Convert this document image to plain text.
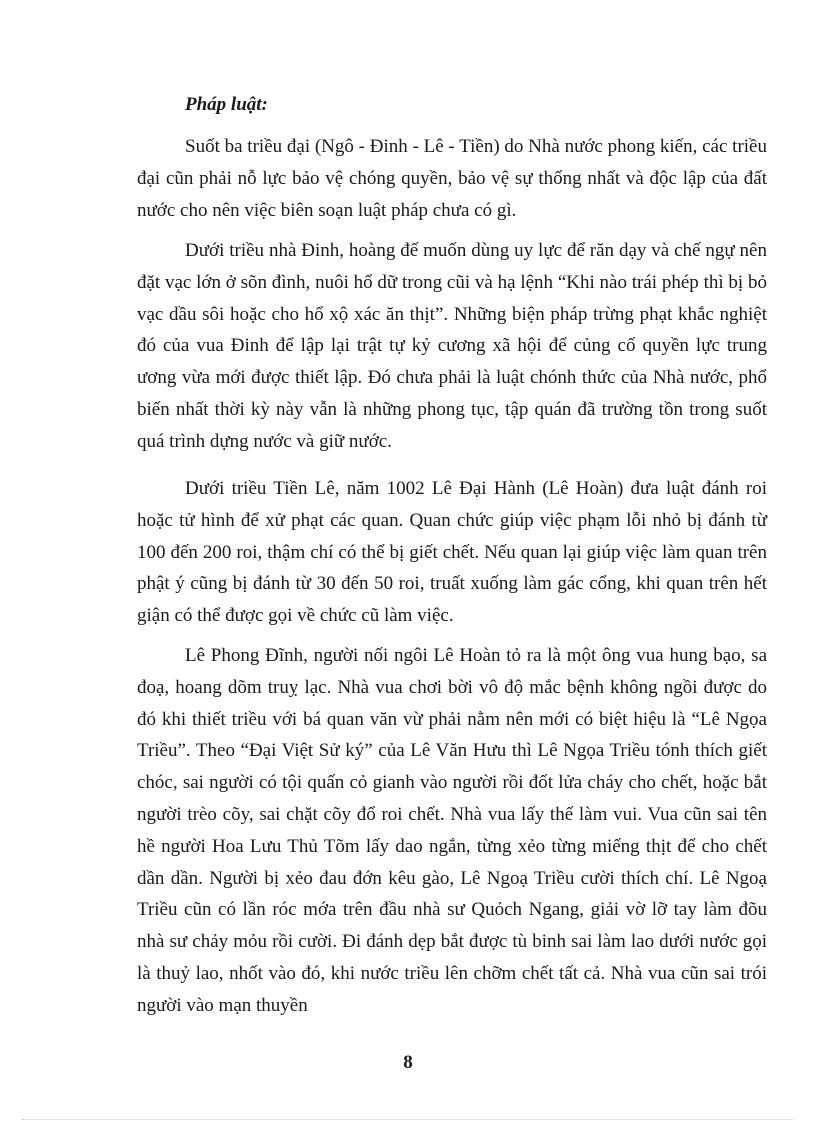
Pháp luật:

Suốt ba triều đại (Ngô - Đinh - Lê - Tiền) do Nhà nước phong kiến, các triều đại cũn phải nỗ lực bảo vệ chóng quyền, bảo vệ sự thống nhất và độc lập của đất nước cho nên việc biên soạn luật pháp chưa có gì.

Dưới triều nhà Đinh, hoàng đế muốn dùng uy lực để răn dạy và chế ngự nên đặt vạc lớn ở sõn đình, nuôi hổ dữ trong cũi và hạ lệnh “Khi nào trái phép thì bị bỏ vạc dầu sôi hoặc cho hổ xộ xác ăn thịt”. Những biện pháp trừng phạt khắc nghiệt đó của vua Đinh để lập lại trật tự kỷ cương xã hội để củng cố quyền lực trung ương vừa mới được thiết lập. Đó chưa phải là luật chónh thức của Nhà nước, phổ biến nhất thời kỳ này vẫn là những phong tục, tập quán đã trường tồn trong suốt quá trình dựng nước và giữ nước.

Dưới triều Tiền Lê, năm 1002 Lê Đại Hành (Lê Hoàn) đưa luật đánh roi hoặc tử hình để xử phạt các quan. Quan chức giúp việc phạm lỗi nhỏ bị đánh từ 100 đến 200 roi, thậm chí có thể bị giết chết. Nếu quan lại giúp việc làm quan trên phật ý cũng bị đánh từ 30 đến 50 roi, truất xuống làm gác cổng, khi quan trên hết giận có thể được gọi về chức cũ làm việc.

Lê Phong Đĩnh, người nối ngôi Lê Hoàn tỏ ra là một ông vua hung bạo, sa đoạ, hoang dõm truỵ lạc. Nhà vua chơi bời vô độ mắc bệnh không ngồi được do đó khi thiết triều với bá quan văn vừ phải nằm nên mới có biệt hiệu là “Lê Ngọa Triều”. Theo “Đại Việt Sử ký” của Lê Văn Hưu thì Lê Ngọa Triều tónh thích giết chóc, sai người có tội quấn cỏ gianh vào người rồi đốt lửa cháy cho chết, hoặc bắt người trèo cõy, sai chặt cõy đổ roi chết. Nhà vua lấy thế làm vui. Vua cũn sai tên hề người Hoa Lưu Thủ Tõm lấy dao ngắn, từng xẻo từng miếng thịt để cho chết dần dần. Người bị xẻo đau đớn kêu gào, Lê Ngoạ Triều cười thích chí. Lê Ngoạ Triều cũn có lần róc mớa trên đầu nhà sư Quỏch Ngang, giải vờ lỡ tay làm đõu nhà sư chảy mỏu rồi cười. Đi đánh dẹp bắt được tù binh sai làm lao dưới nước gọi là thuỷ lao, nhốt vào đó, khi nước triều lên chỡm chết tất cả. Nhà vua cũn sai trói người vào mạn thuyền

8
